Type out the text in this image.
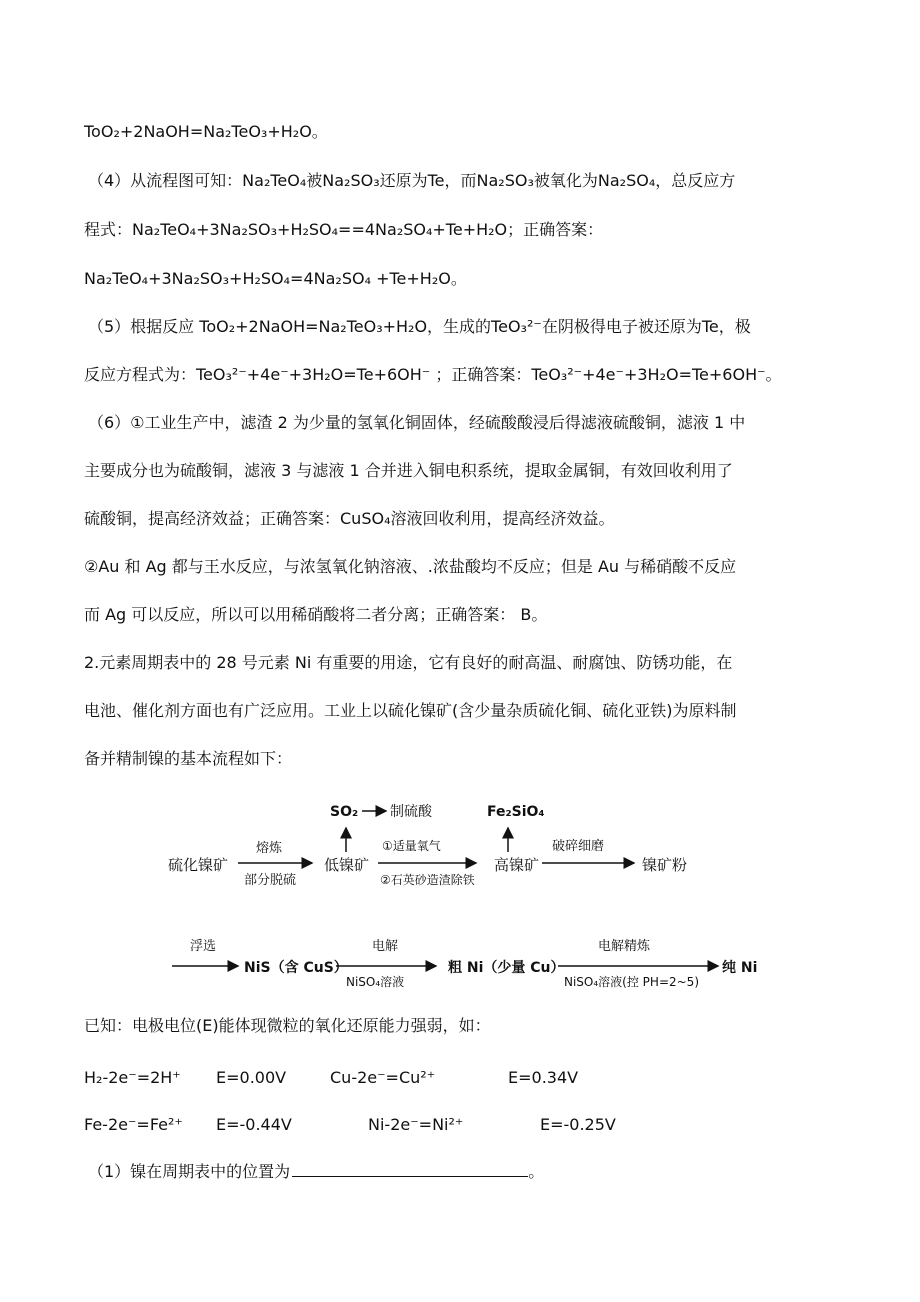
ToO₂+2NaOH=Na₂TeO₃+H₂O。
（4）从流程图可知：Na₂TeO₄被Na₂SO₃还原为Te，而Na₂SO₃被氧化为Na₂SO₄，总反应方
程式：Na₂TeO₄+3Na₂SO₃+H₂SO₄==4Na₂SO₄+Te+H₂O；正确答案：
Na₂TeO₄+3Na₂SO₃+H₂SO₄=4Na₂SO₄ +Te+H₂O。
（5）根据反应 ToO₂+2NaOH=Na₂TeO₃+H₂O，生成的TeO₃²⁻在阴极得电子被还原为Te，极
反应方程式为：TeO₃²⁻+4e⁻+3H₂O=Te+6OH⁻ ；正确答案：TeO₃²⁻+4e⁻+3H₂O=Te+6OH⁻。
（6）①工业生产中，滤渣 2 为少量的氢氧化铜固体，经硫酸酸浸后得滤液硫酸铜，滤液 1 中
主要成分也为硫酸铜，滤液 3 与滤液 1 合并进入铜电积系统，提取金属铜，有效回收利用了
硫酸铜，提高经济效益；正确答案：CuSO₄溶液回收利用，提高经济效益。
②Au 和 Ag 都与王水反应，与浓氢氧化钠溶液、.浓盐酸均不反应；但是 Au 与稀硝酸不反应
而 Ag 可以反应，所以可以用稀硝酸将二者分离；正确答案： B。
2.元素周期表中的 28 号元素 Ni 有重要的用途，它有良好的耐高温、耐腐蚀、防锈功能，在
电池、催化剂方面也有广泛应用。工业上以硫化镍矿(含少量杂质硫化铜、硫化亚铁)为原料制
备并精制镍的基本流程如下：
硫化镍矿
熔炼
部分脱硫
低镍矿
SO₂ 制硫酸
①适量氧气
②石英砂造渣除铁
高镍矿
Fe₂SiO₄
破碎细磨
镍矿粉
浮选
NiS（含 CuS）
电解
NiSO₄溶液
粗 Ni（少量 Cu）
电解精炼
NiSO₄溶液(控 PH=2~5)
纯 Ni
已知：电极电位(E)能体现微粒的氧化还原能力强弱，如：
H₂-2e⁻=2H⁺ E=0.00V	Cu-2e⁻=Cu²⁺	E=0.34V
Fe-2e⁻=Fe²⁺ E=-0.44V	Ni-2e⁻=Ni²⁺	E=-0.25V
（1）镍在周期表中的位置为	。
